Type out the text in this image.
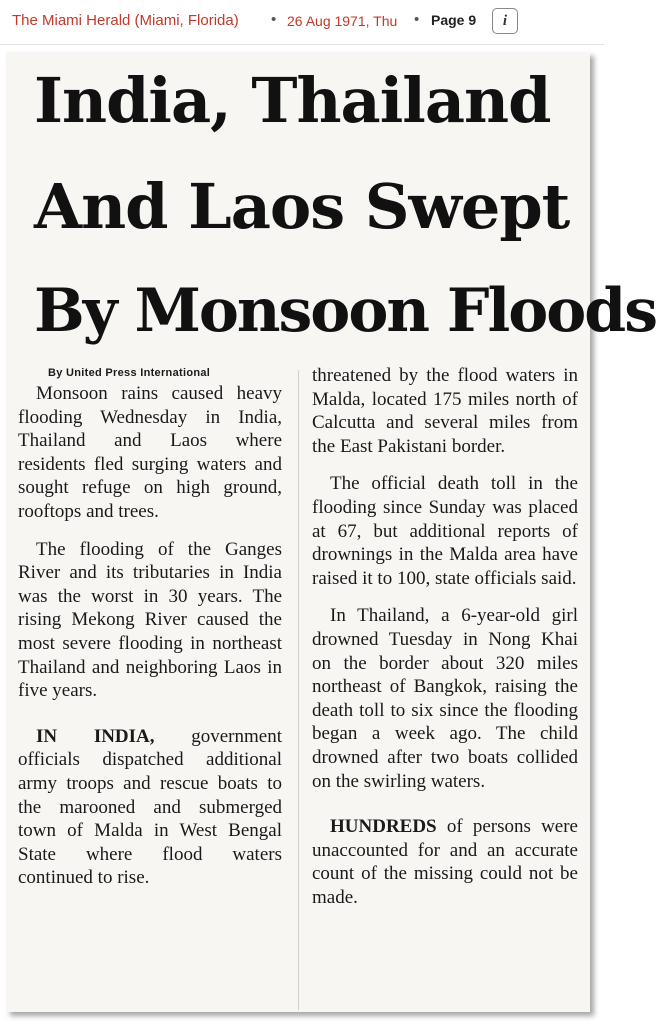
The Miami Herald (Miami, Florida) • 26 Aug 1971, Thu • Page 9 i
India, Thailand
And Laos Swept
By Monsoon Floods

By United Press International

Monsoon rains caused heavy flooding Wednesday in India, Thailand and Laos where residents fled surging waters and sought refuge on high ground, rooftops and trees.

The flooding of the Ganges River and its tributaries in India was the worst in 30 years. The rising Mekong River caused the most severe flooding in northeast Thailand and neighboring Laos in five years.

IN INDIA, government officials dispatched additional army troops and rescue boats to the marooned and submerged town of Malda in West Bengal State where flood waters continued to rise.

threatened by the flood waters in Malda, located 175 miles north of Calcutta and several miles from the East Pakistani border.

The official death toll in the flooding since Sunday was placed at 67, but additional reports of drownings in the Malda area have raised it to 100, state officials said.

In Thailand, a 6-year-old girl drowned Tuesday in Nong Khai on the border about 320 miles northeast of Bangkok, raising the death toll to six since the flooding began a week ago. The child drowned after two boats collided on the swirling waters.

HUNDREDS of persons were unaccounted for and an accurate count of the missing could not be made.
